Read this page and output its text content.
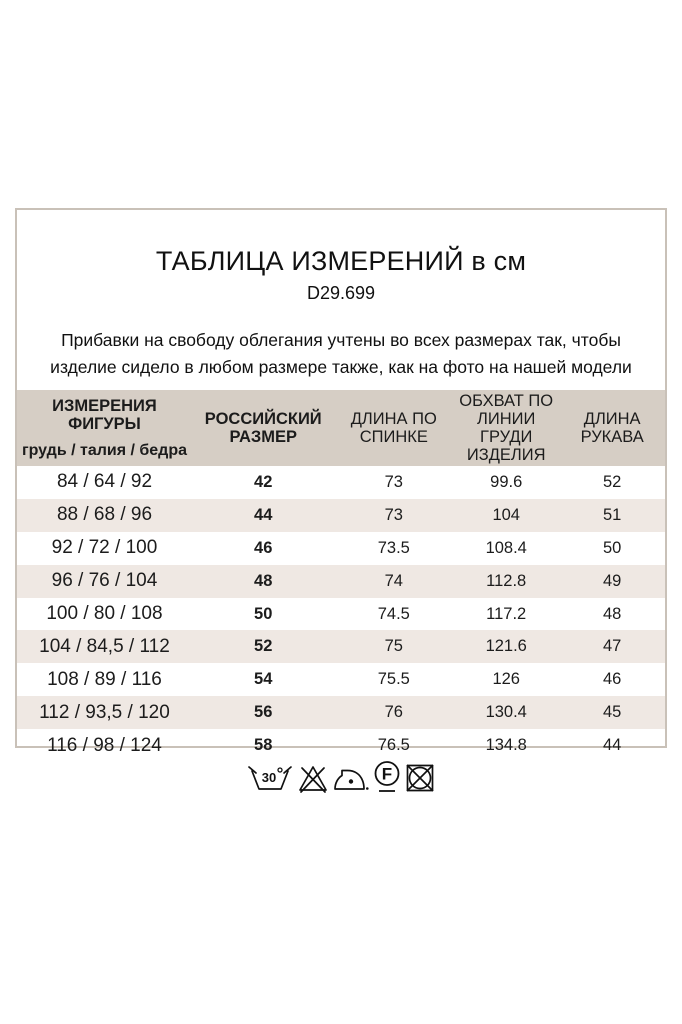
ТАБЛИЦА ИЗМЕРЕНИЙ в см
D29.699
Прибавки на свободу облегания учтены во всех размерах так, чтобы
изделие сидело в любом размере также, как на фото на нашей модели
ИЗМЕРЕНИЯ ФИГУРЫ
грудь / талия / бедра	РОССИЙСКИЙ РАЗМЕР	ДЛИНА ПО СПИНКЕ	ОБХВАТ ПО ЛИНИИ ГРУДИ ИЗДЕЛИЯ	ДЛИНА РУКАВА
84 / 64 / 92	42	73	99.6	52
88 / 68 / 96	44	73	104	51
92 / 72 / 100	46	73.5	108.4	50
96 / 76 / 104	48	74	112.8	49
100 / 80 / 108	50	74.5	117.2	48
104 / 84,5 / 112	52	75	121.6	47
108 / 89 / 116	54	75.5	126	46
112 / 93,5 / 120	56	76	130.4	45
116 / 98 / 124	58	76.5	134.8	44
30	F
